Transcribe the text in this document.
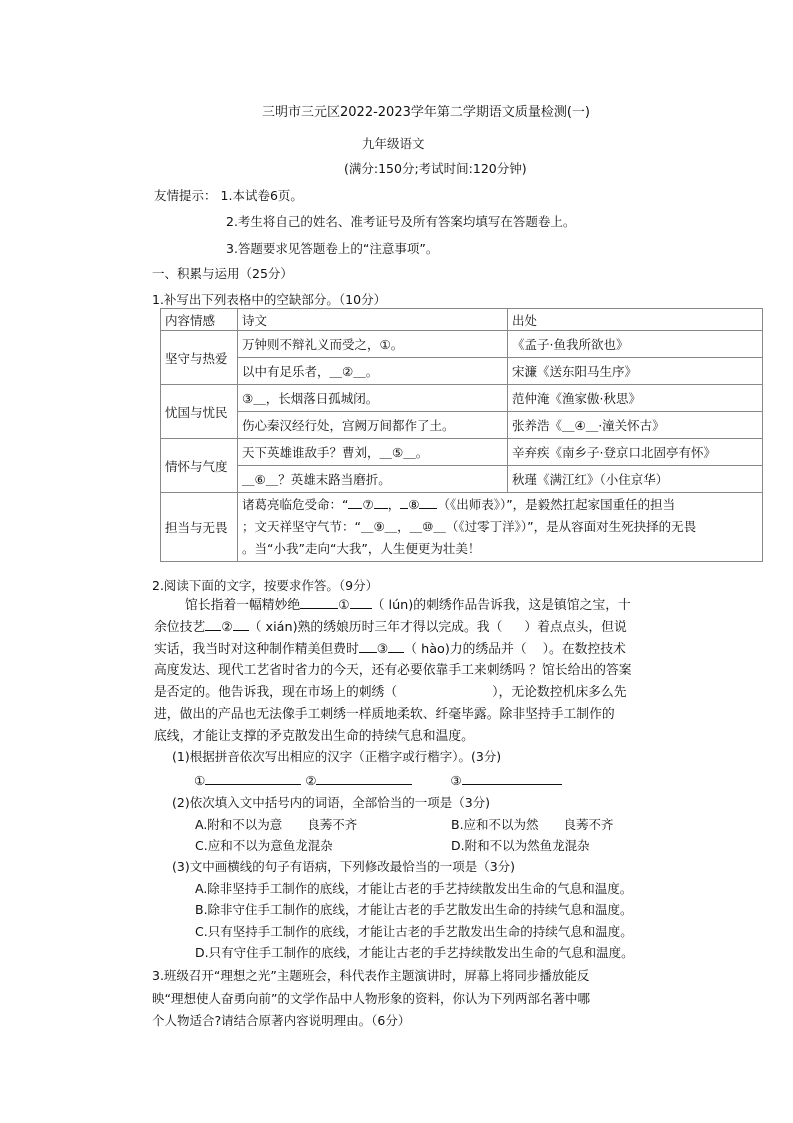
三明市三元区2022-2023学年第二学期语文质量检测(一)
九年级语文
(满分:150分;考试时间:120分钟)
友情提示： 1.本试卷6页。
2.考生将自己的姓名、准考证号及所有答案均填写在答题卷上。
3.答题要求见答题卷上的“注意事项”。
一、积累与运用（25分）
1.补写出下列表格中的空缺部分。（10分）
内容情感	诗文	出处
坚守与热爱	万钟则不辩礼义而受之，①。	《孟子·鱼我所欲也》
	以中有足乐者，＿②＿。	宋濂《送东阳马生序》
忧国与忧民	③＿，长烟落日孤城闭。	范仲淹《渔家傲·秋思》
	伤心秦汉经行处，宫阙万间都作了土。	张养浩《＿④＿·潼关怀古》
情怀与气度	天下英雄谁敌手？曹刘，＿⑤＿。	辛弃疾《南乡子·登京口北固亭有怀》
	＿⑥＿？英雄末路当磨折。	秋瑾《满江红》（小住京华）
担当与无畏	诸葛亮临危受命：“ ⑦ ， ⑧ （《出师表》）”，是毅然扛起家国重任的担当
；文天祥坚守气节：“＿⑨＿，＿⑩＿（《过零丁洋》）”，是从容面对生死抉择的无畏
。当“小我”走向“大我”，人生便更为壮美！	
2.阅读下面的文字，按要求作答。（9分）
馆长指着一幅精妙绝	① （ lún)的刺绣作品告诉我，这是镇馆之宝，十
余位技艺 ② （ xián)熟的绣娘历时三年才得以完成。我（ ）着点点头，但说
实话，我当时对这种制作精美但费时 ③ （ hào)力的绣品并（ ）。在数控技术
高度发达、现代工艺省时省力的今天，还有必要依靠手工来刺绣吗 ？馆长给出的答案
是否定的。他告诉我，现在市场上的刺绣（	），无论数控机床多么先
进，做出的产品也无法像手工刺绣一样质地柔软、纤毫毕露。除非坚持手工制作的
底线，才能让支撑的矛克散发出生命的持续气息和温度。
(1)根据拼音依次写出相应的汉字（正楷字或行楷字）。(3分)
①	②	③
(2)依次填入文中括号内的词语，全部恰当的一项是（3分)
A.附和不以为意　　良莠不齐	B.应和不以为然　　良莠不齐
C.应和不以为意鱼龙混杂	D.附和不以为然鱼龙混杂
(3)文中画横线的句子有语病，下列修改最恰当的一项是（3分)
A.除非坚持手工制作的底线，才能让古老的手艺持续散发出生命的气息和温度。
B.除非守住手工制作的底线，才能让古老的手艺散发出生命的持续气息和温度。
C.只有坚持手工制作的底线，才能让古老的手艺散发出生命的持续气息和温度。
D.只有守住手工制作的底线，才能让古老的手艺持续散发出生命的气息和温度。
3.班级召开“理想之光”主题班会，科代表作主题演讲时，屏幕上将同步播放能反
映“理想使人奋勇向前”的文学作品中人物形象的资料，你认为下列两部名著中哪
个人物适合?请结合原著内容说明理由。（6分）
